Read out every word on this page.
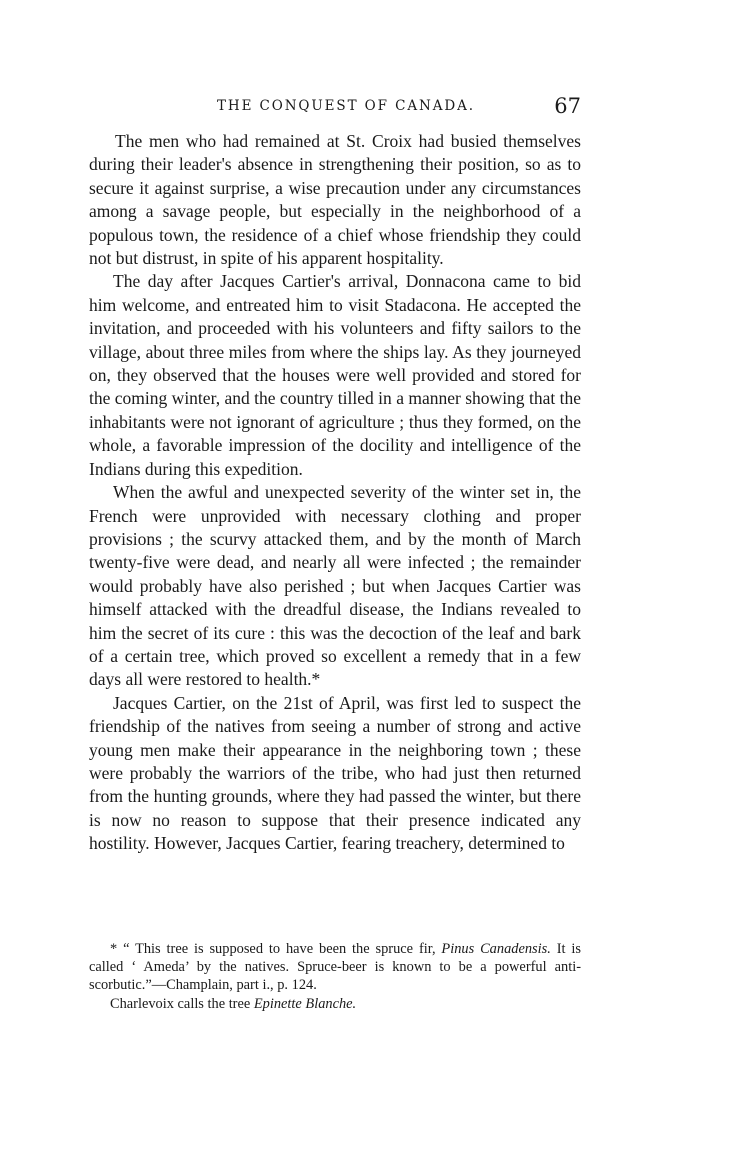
THE CONQUEST OF CANADA.	67

The men who had remained at St. Croix had busied themselves during their leader's absence in strengthening their position, so as to secure it against surprise, a wise precaution under any circumstances among a savage people, but especially in the neighborhood of a populous town, the residence of a chief whose friendship they could not but distrust, in spite of his apparent hospitality.

The day after Jacques Cartier's arrival, Donnacona came to bid him welcome, and entreated him to visit Stadacona. He accepted the invitation, and proceeded with his volunteers and fifty sailors to the village, about three miles from where the ships lay. As they journeyed on, they observed that the houses were well provided and stored for the coming winter, and the country tilled in a manner showing that the inhabitants were not ignorant of agriculture ; thus they formed, on the whole, a favorable impression of the docility and intelligence of the Indians during this expedition.

When the awful and unexpected severity of the winter set in, the French were unprovided with necessary clothing and proper provisions ; the scurvy attacked them, and by the month of March twenty-five were dead, and nearly all were infected ; the remainder would probably have also perished ; but when Jacques Cartier was himself attacked with the dreadful disease, the Indians revealed to him the secret of its cure : this was the decoction of the leaf and bark of a certain tree, which proved so excellent a remedy that in a few days all were restored to health.*

Jacques Cartier, on the 21st of April, was first led to suspect the friendship of the natives from seeing a number of strong and active young men make their appearance in the neighboring town ; these were probably the warriors of the tribe, who had just then returned from the hunting grounds, where they had passed the winter, but there is now no reason to suppose that their presence indicated any hostility. However, Jacques Cartier, fearing treachery, determined to

* “ This tree is supposed to have been the spruce fir, Pinus Canadensis. It is called ‘ Ameda’ by the natives. Spruce-beer is known to be a powerful anti-scorbutic.”—Champlain, part i., p. 124.

Charlevoix calls the tree Epinette Blanche.
